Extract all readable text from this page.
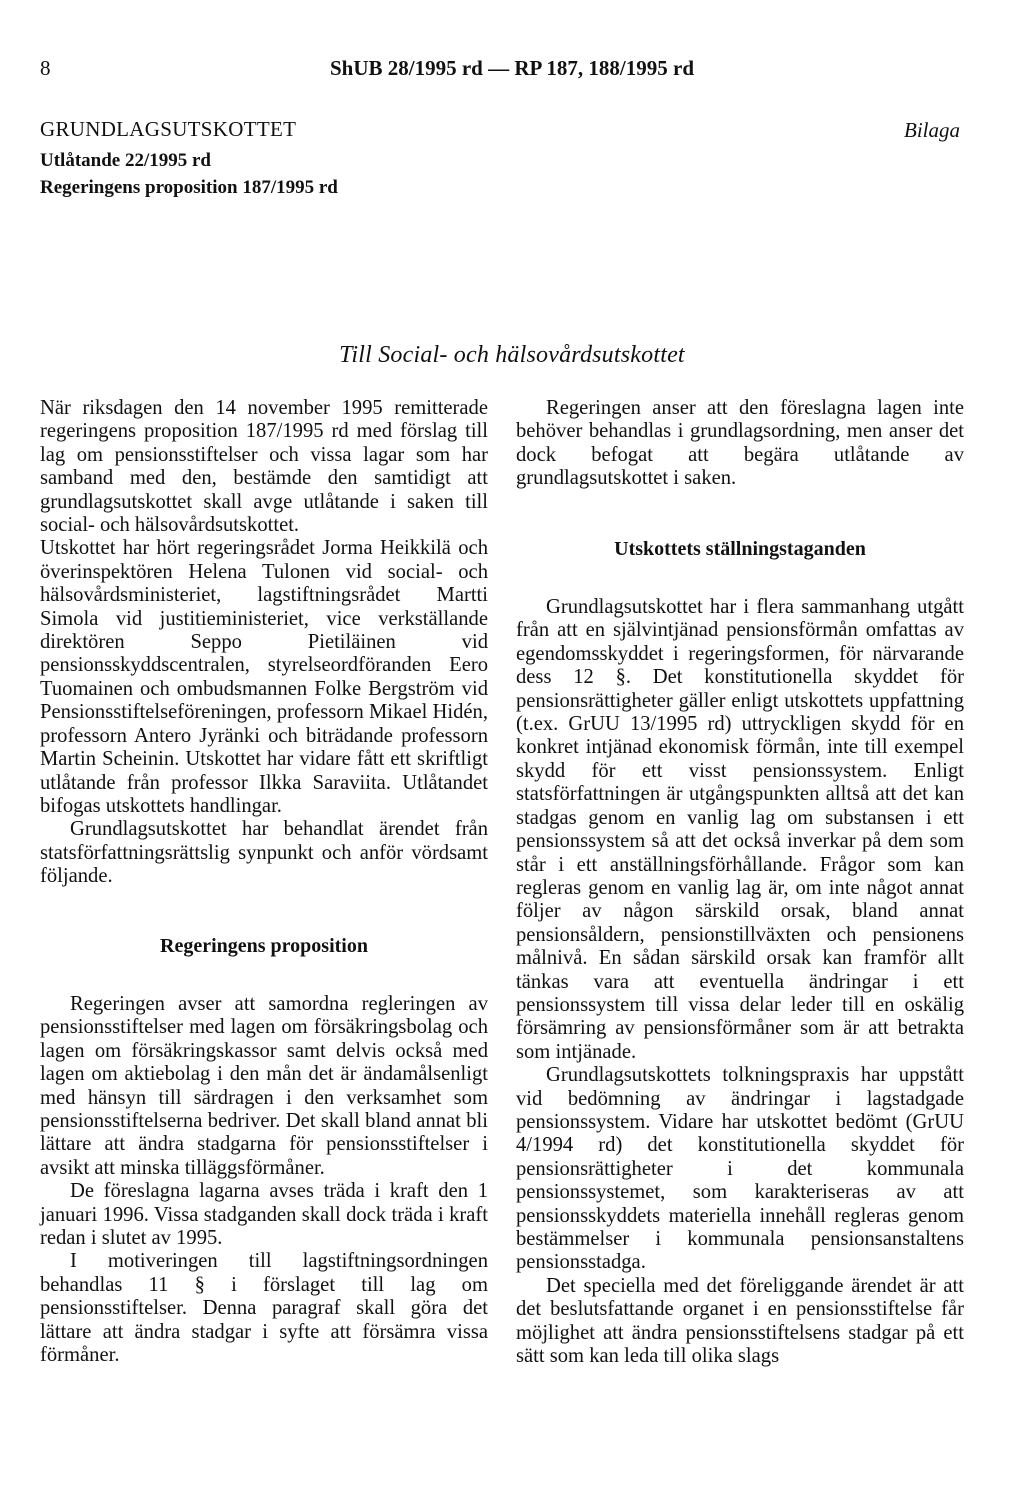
8	ShUB 28/1995 rd — RP 187, 188/1995 rd
GRUNDLAGSUTSKOTTET	Bilaga
Utlåtande 22/1995 rd
Regeringens proposition 187/1995 rd
Till Social- och hälsovårdsutskottet

När riksdagen den 14 november 1995 remitterade regeringens proposition 187/1995 rd med förslag till lag om pensionsstiftelser och vissa lagar som har samband med den, bestämde den samtidigt att grundlagsutskottet skall avge utlåtande i saken till social- och hälsovårdsutskottet.

Utskottet har hört regeringsrådet Jorma Heikkilä och överinspektören Helena Tulonen vid social- och hälsovårdsministeriet, lagstiftningsrådet Martti Simola vid justitieministeriet, vice verkställande direktören Seppo Pietiläinen vid pensionsskyddscentralen, styrelseordföranden Eero Tuomainen och ombudsmannen Folke Bergström vid Pensionsstiftelseföreningen, professorn Mikael Hidén, professorn Antero Jyränki och biträdande professorn Martin Scheinin. Utskottet har vidare fått ett skriftligt utlåtande från professor Ilkka Saraviita. Utlåtandet bifogas utskottets handlingar.

Grundlagsutskottet har behandlat ärendet från statsförfattningsrättslig synpunkt och anför vördsamt följande.

Regeringens proposition

Regeringen avser att samordna regleringen av pensionsstiftelser med lagen om försäkringsbolag och lagen om försäkringskassor samt delvis också med lagen om aktiebolag i den mån det är ändamålsenligt med hänsyn till särdragen i den verksamhet som pensionsstiftelserna bedriver. Det skall bland annat bli lättare att ändra stadgarna för pensionsstiftelser i avsikt att minska tilläggsförmåner.

De föreslagna lagarna avses träda i kraft den 1 januari 1996. Vissa stadganden skall dock träda i kraft redan i slutet av 1995.

I motiveringen till lagstiftningsordningen behandlas 11 § i förslaget till lag om pensionsstiftelser. Denna paragraf skall göra det lättare att ändra stadgar i syfte att försämra vissa förmåner.

Regeringen anser att den föreslagna lagen inte behöver behandlas i grundlagsordning, men anser det dock befogat att begära utlåtande av grundlagsutskottet i saken.

Utskottets ställningstaganden

Grundlagsutskottet har i flera sammanhang utgått från att en självintjänad pensionsförmån omfattas av egendomsskyddet i regeringsformen, för närvarande dess 12 §. Det konstitutionella skyddet för pensionsrättigheter gäller enligt utskottets uppfattning (t.ex. GrUU 13/1995 rd) uttryckligen skydd för en konkret intjänad ekonomisk förmån, inte till exempel skydd för ett visst pensionssystem. Enligt statsförfattningen är utgångspunkten alltså att det kan stadgas genom en vanlig lag om substansen i ett pensionssystem så att det också inverkar på dem som står i ett anställningsförhållande. Frågor som kan regleras genom en vanlig lag är, om inte något annat följer av någon särskild orsak, bland annat pensionsåldern, pensionstillväxten och pensionens målnivå. En sådan särskild orsak kan framför allt tänkas vara att eventuella ändringar i ett pensionssystem till vissa delar leder till en oskälig försämring av pensionsförmåner som är att betrakta som intjänade.

Grundlagsutskottets tolkningspraxis har uppstått vid bedömning av ändringar i lagstadgade pensionssystem. Vidare har utskottet bedömt (GrUU 4/1994 rd) det konstitutionella skyddet för pensionsrättigheter i det kommunala pensionssystemet, som karakteriseras av att pensionsskyddets materiella innehåll regleras genom bestämmelser i kommunala pensionsanstaltens pensionsstadga.

Det speciella med det föreliggande ärendet är att det beslutsfattande organet i en pensionsstiftelse får möjlighet att ändra pensionsstiftelsens stadgar på ett sätt som kan leda till olika slags
